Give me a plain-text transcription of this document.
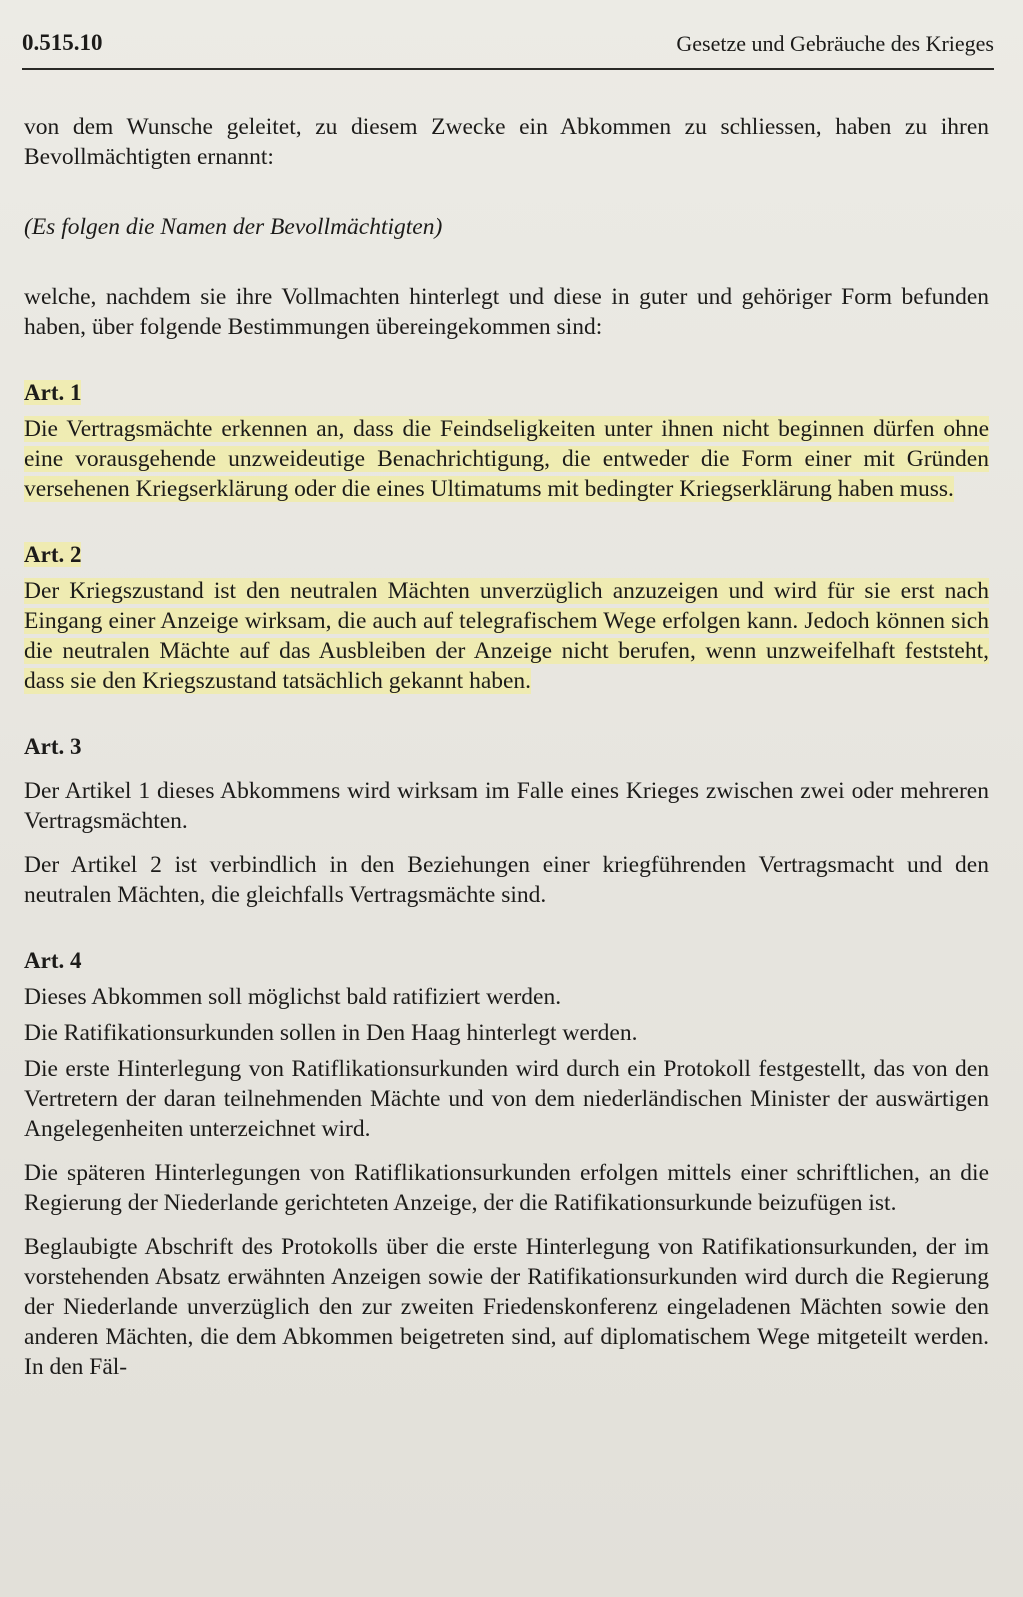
0.515.10	Gesetze und Gebräuche des Krieges

von dem Wunsche geleitet, zu diesem Zwecke ein Abkommen zu schliessen, haben zu ihren Bevollmächtigten ernannt:

(Es folgen die Namen der Bevollmächtigten)

welche, nachdem sie ihre Vollmachten hinterlegt und diese in guter und gehöriger Form befunden haben, über folgende Bestimmungen übereingekommen sind:

Art. 1

Die Vertragsmächte erkennen an, dass die Feindseligkeiten unter ihnen nicht beginnen dürfen ohne eine vorausgehende unzweideutige Benachrichtigung, die entweder die Form einer mit Gründen versehenen Kriegserklärung oder die eines Ultimatums mit bedingter Kriegserklärung haben muss.

Art. 2

Der Kriegszustand ist den neutralen Mächten unverzüglich anzuzeigen und wird für sie erst nach Eingang einer Anzeige wirksam, die auch auf telegrafischem Wege erfolgen kann. Jedoch können sich die neutralen Mächte auf das Ausbleiben der Anzeige nicht berufen, wenn unzweifelhaft feststeht, dass sie den Kriegszustand tatsächlich gekannt haben.

Art. 3

Der Artikel 1 dieses Abkommens wird wirksam im Falle eines Krieges zwischen zwei oder mehreren Vertragsmächten.

Der Artikel 2 ist verbindlich in den Beziehungen einer kriegführenden Vertragsmacht und den neutralen Mächten, die gleichfalls Vertragsmächte sind.

Art. 4

Dieses Abkommen soll möglichst bald ratifiziert werden.

Die Ratifikationsurkunden sollen in Den Haag hinterlegt werden.

Die erste Hinterlegung von Ratiflikationsurkunden wird durch ein Protokoll festgestellt, das von den Vertretern der daran teilnehmenden Mächte und von dem niederländischen Minister der auswärtigen Angelegenheiten unterzeichnet wird.

Die späteren Hinterlegungen von Ratiflikationsurkunden erfolgen mittels einer schriftlichen, an die Regierung der Niederlande gerichteten Anzeige, der die Ratifikationsurkunde beizufügen ist.

Beglaubigte Abschrift des Protokolls über die erste Hinterlegung von Ratifikationsurkunden, der im vorstehenden Absatz erwähnten Anzeigen sowie der Ratifikationsurkunden wird durch die Regierung der Niederlande unverzüglich den zur zweiten Friedenskonferenz eingeladenen Mächten sowie den anderen Mächten, die dem Abkommen beigetreten sind, auf diplomatischem Wege mitgeteilt werden. In den Fäl-
